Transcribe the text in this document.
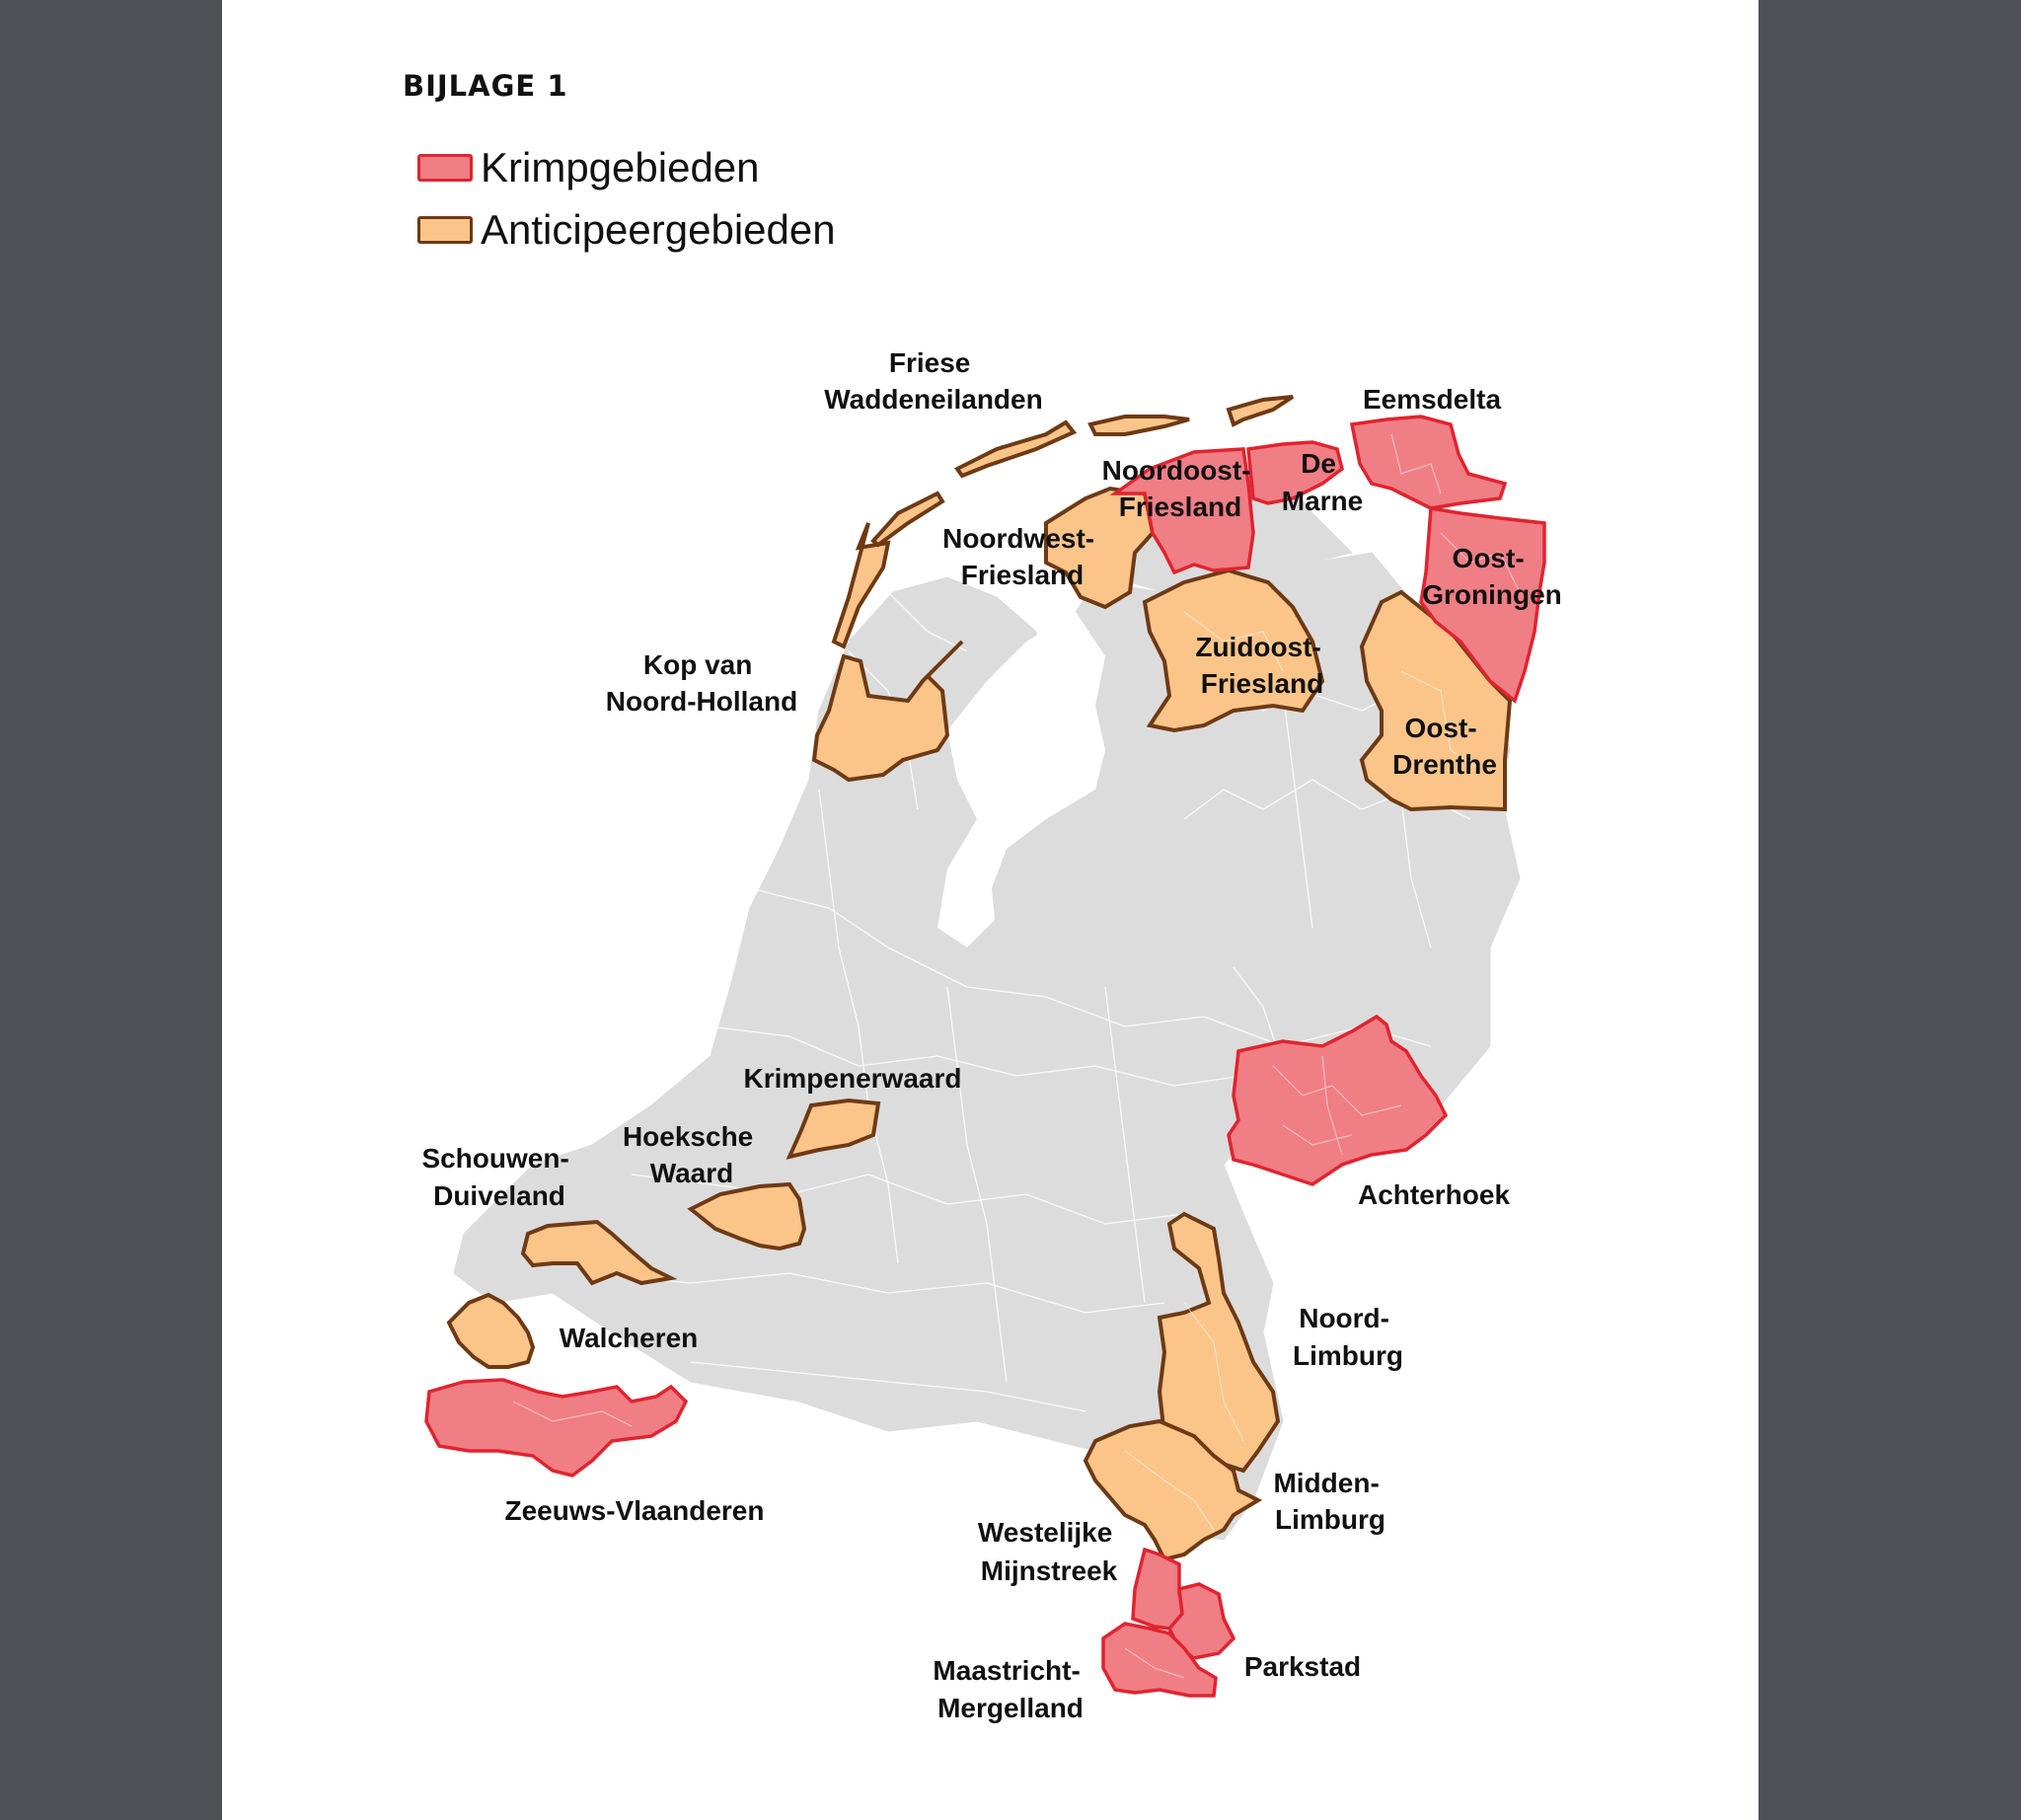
BIJLAGE 1
Krimpgebieden
Anticipeergebieden
Friese Waddeneilanden	Eemsdelta
Noordoost- Friesland
De Marne
Noordwest- Friesland
Oost- Groningen
Kop van Noord-Holland
Zuidoost- Friesland
Oost- Drenthe
Krimpenerwaard
Achterhoek
Hoeksche Waard
Schouwen- Duiveland
Walcheren
Noord- Limburg
Zeeuws-Vlaanderen
Midden- Limburg
Westelijke Mijnstreek
Parkstad
Maastricht- Mergelland
